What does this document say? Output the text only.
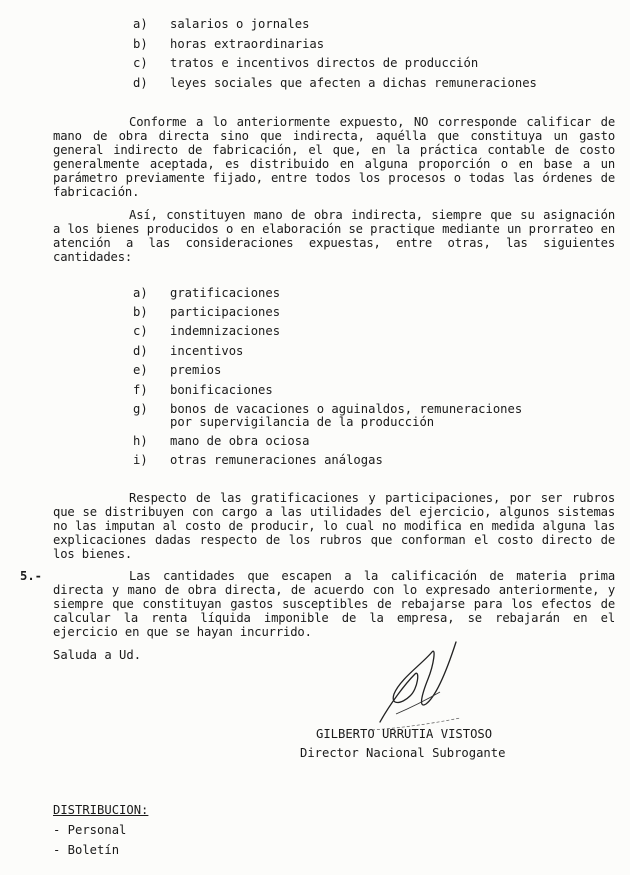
a)	salarios o jornales
b)	horas extraordinarias
c)	tratos e incentivos directos de producción
d)	leyes sociales que afecten a dichas remuneraciones
Conforme a lo anteriormente expuesto, NO corresponde calificar de mano de obra directa sino que indirecta, aquélla que constituya un gasto general indirecto de fabricación, el que, en la práctica contable de costo generalmente aceptada, es distribuido en alguna proporción o en base a un parámetro previamente fijado, entre todos los procesos o todas las órdenes de fabricación.
Así, constituyen mano de obra indirecta, siempre que su asignación a los bienes producidos o en elaboración se practique mediante un prorrateo en atención a las consideraciones expuestas, entre otras, las siguientes cantidades:
a)	gratificaciones
b)	participaciones
c)	indemnizaciones
d)	incentivos
e)	premios
f)	bonificaciones
g)	bonos de vacaciones o aguinaldos, remuneraciones
por supervigilancia de la producción
h)	mano de obra ociosa
i)	otras remuneraciones análogas
Respecto de las gratificaciones y participaciones, por ser rubros que se distribuyen con cargo a las utilidades del ejercicio, algunos sistemas no las imputan al costo de producir, lo cual no modifica en medida alguna las explicaciones dadas respecto de los rubros que conforman el costo directo de los bienes.
5.-	Las cantidades que escapen a la calificación de materia prima directa y mano de obra directa, de acuerdo con lo expresado anteriormente, y siempre que constituyan gastos susceptibles de rebajarse para los efectos de calcular la renta líquida imponible de la empresa, se rebajarán en el ejercicio en que se hayan incurrido.
Saluda a Ud.
GILBERTO URRUTIA VISTOSO
Director Nacional Subrogante
DISTRIBUCION:
- Personal
- Boletín
